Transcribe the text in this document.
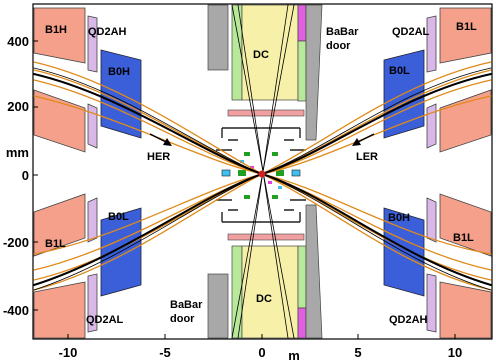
B1H QD2AH
B0H
B0L
B1L
QD2AL
QD2AL B1L
B0L
B0H
B1L
QD2AH
DC
DC
BaBar
door
BaBar
door
HER	LER
400
200
mm
0
-200
-400
-10	-5	0 m	5	10
